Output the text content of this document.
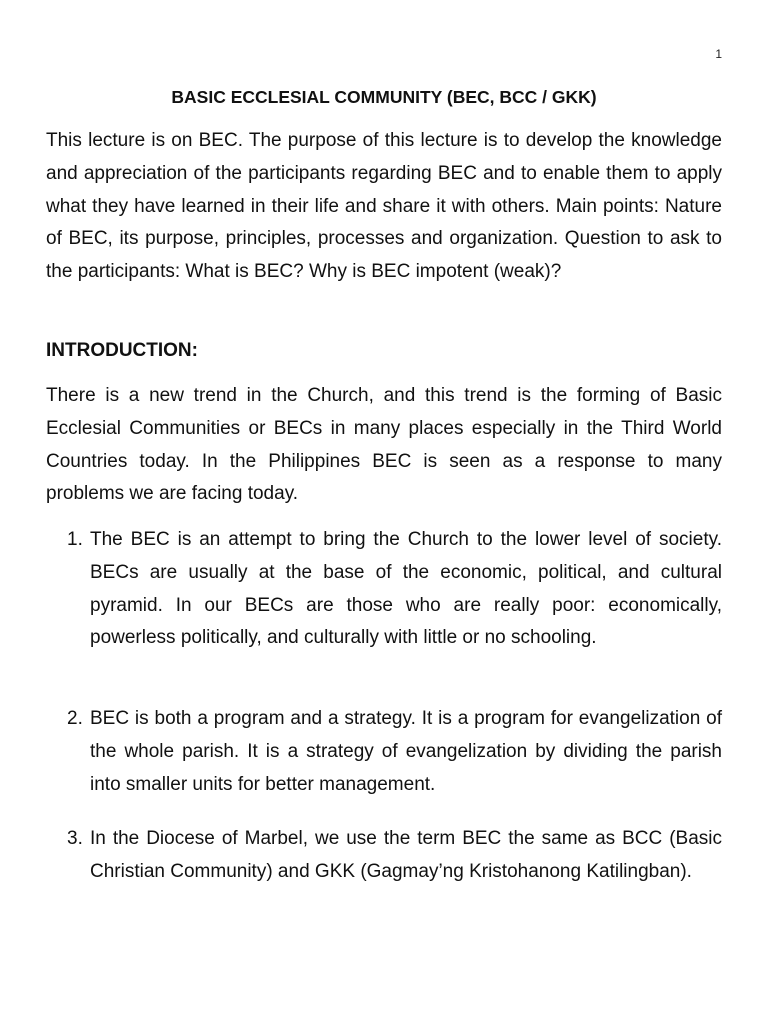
1
BASIC ECCLESIAL COMMUNITY (BEC, BCC / GKK)

This lecture is on BEC. The purpose of this lecture is to develop the knowledge and appreciation of the participants regarding BEC and to enable them to apply what they have learned in their life and share it with others. Main points: Nature of BEC, its purpose, principles, processes and organization. Question to ask to the participants: What is BEC? Why is BEC impotent (weak)?

INTRODUCTION:

There is a new trend in the Church, and this trend is the forming of Basic Ecclesial Communities or BECs in many places especially in the Third World Countries today. In the Philippines BEC is seen as a response to many problems we are facing today.

1. The BEC is an attempt to bring the Church to the lower level of society. BECs are usually at the base of the economic, political, and cultural pyramid. In our BECs are those who are really poor: economically, powerless politically, and culturally with little or no schooling.

2. BEC is both a program and a strategy. It is a program for evangelization of the whole parish. It is a strategy of evangelization by dividing the parish into smaller units for better management.

3. In the Diocese of Marbel, we use the term BEC the same as BCC (Basic Christian Community) and GKK (Gagmay’ng Kristohanong Katilingban).
